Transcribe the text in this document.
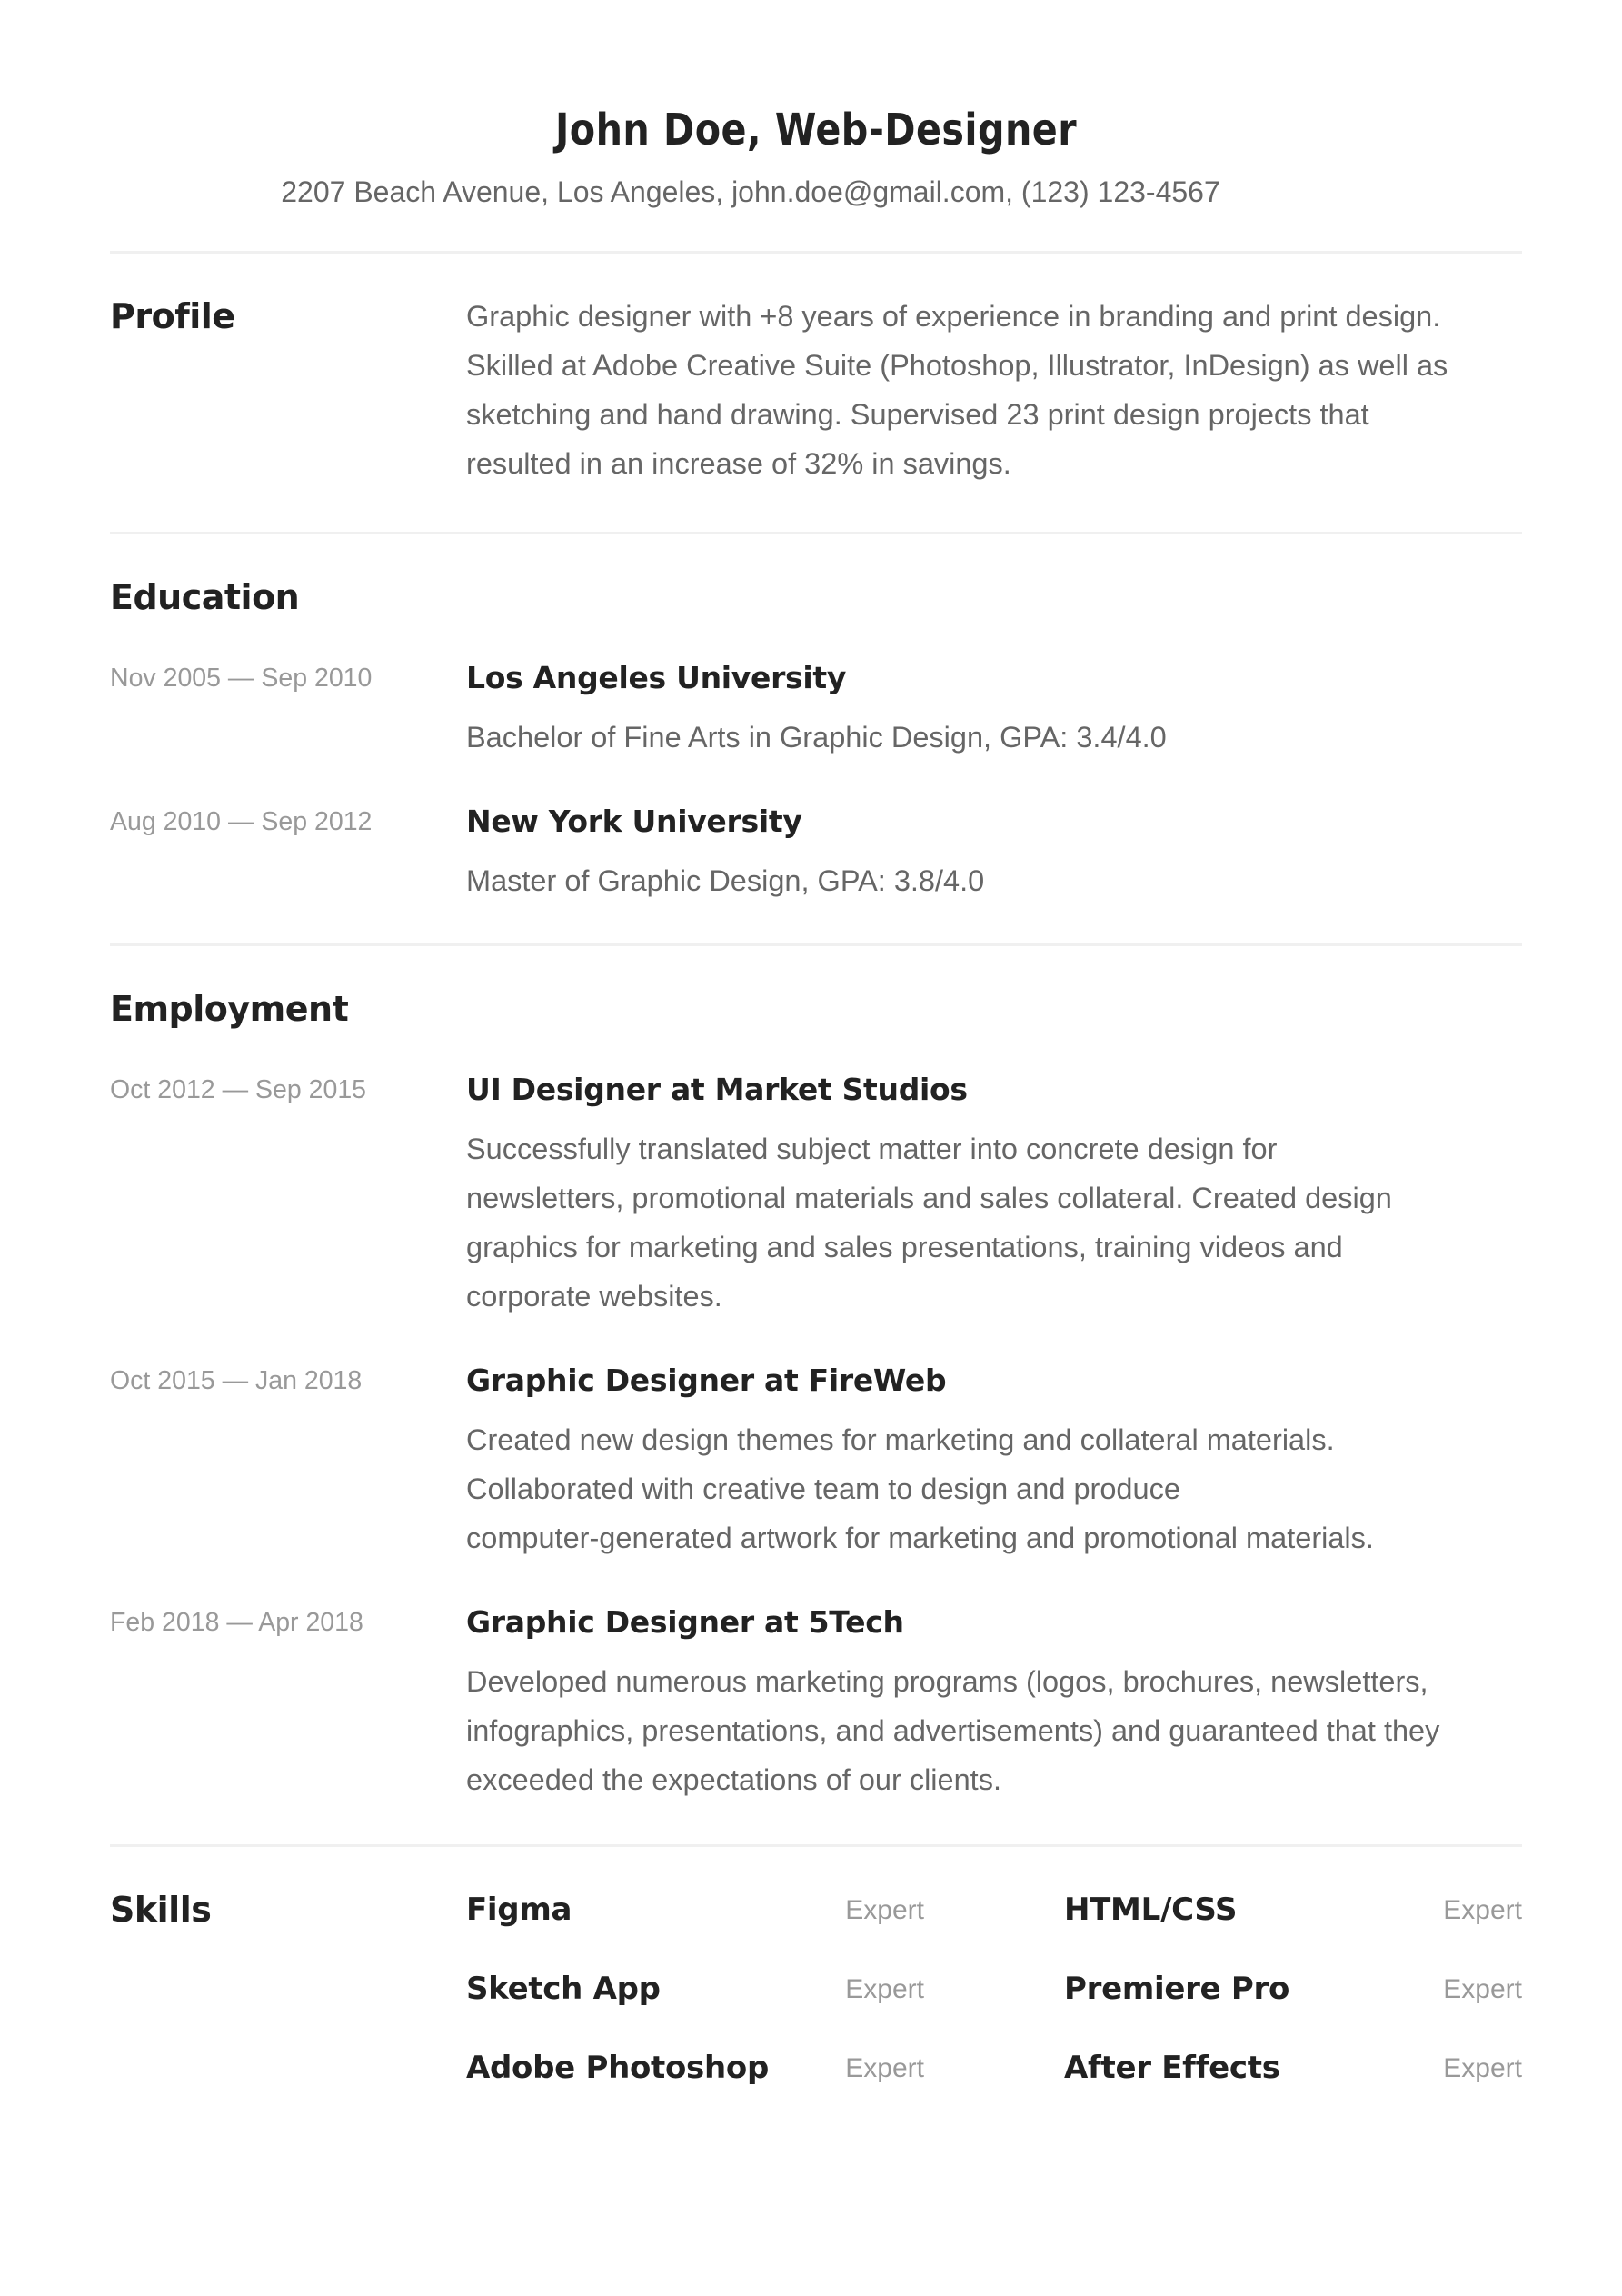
John Doe, Web-Designer
2207 Beach Avenue, Los Angeles, john.doe@gmail.com, (123) 123-4567
Profile	Graphic designer with +8 years of experience in branding and print design.
Skilled at Adobe Creative Suite (Photoshop, Illustrator, InDesign) as well as
sketching and hand drawing. Supervised 23 print design projects that
resulted in an increase of 32% in savings.
Education
Nov 2005 — Sep 2010	Los Angeles University
Bachelor of Fine Arts in Graphic Design, GPA: 3.4/4.0
Aug 2010 — Sep 2012	New York University
Master of Graphic Design, GPA: 3.8/4.0
Employment
Oct 2012 — Sep 2015	UI Designer at Market Studios
Successfully translated subject matter into concrete design for
newsletters, promotional materials and sales collateral. Created design
graphics for marketing and sales presentations, training videos and
corporate websites.
Oct 2015 — Jan 2018	Graphic Designer at FireWeb
Created new design themes for marketing and collateral materials.
Collaborated with creative team to design and produce
computer-generated artwork for marketing and promotional materials.
Feb 2018 — Apr 2018	Graphic Designer at 5Tech
Developed numerous marketing programs (logos, brochures, newsletters,
infographics, presentations, and advertisements) and guaranteed that they
exceeded the expectations of our clients.
Skills	Figma	Expert	HTML/CSS	Expert
Sketch App	Expert	Premiere Pro	Expert
Adobe Photoshop	Expert	After Effects	Expert
